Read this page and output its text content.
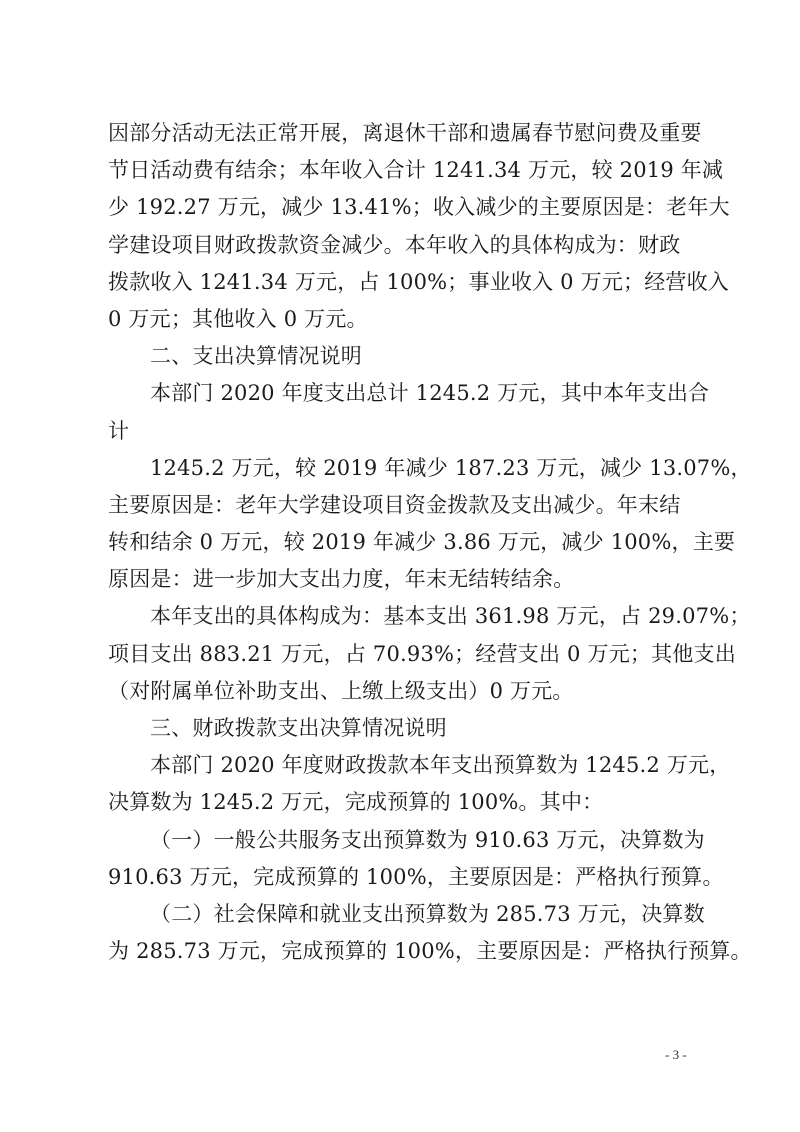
因部分活动无法正常开展，离退休干部和遗属春节慰问费及重要
节日活动费有结余；本年收入合计 1241.34 万元，较 2019 年减
少 192.27 万元，减少 13.41%；收入减少的主要原因是：老年大
学建设项目财政拨款资金减少。本年收入的具体构成为：财政
拨款收入 1241.34 万元，占 100%；事业收入 0 万元；经营收入
0 万元；其他收入 0 万元。
二、支出决算情况说明
本部门 2020 年度支出总计 1245.2 万元，其中本年支出合
计
1245.2 万元，较 2019 年减少 187.23 万元，减少 13.07%，
主要原因是：老年大学建设项目资金拨款及支出减少。年末结
转和结余 0 万元，较 2019 年减少 3.86 万元，减少 100%，主要
原因是：进一步加大支出力度，年末无结转结余。
本年支出的具体构成为：基本支出 361.98 万元，占 29.07%；
项目支出 883.21 万元，占 70.93%；经营支出 0 万元；其他支出
（对附属单位补助支出、上缴上级支出）0 万元。
三、财政拨款支出决算情况说明
本部门 2020 年度财政拨款本年支出预算数为 1245.2 万元，
决算数为 1245.2 万元，完成预算的 100%。其中：
（一）一般公共服务支出预算数为 910.63 万元，决算数为
910.63 万元，完成预算的 100%，主要原因是：严格执行预算。
（二）社会保障和就业支出预算数为 285.73 万元，决算数
为 285.73 万元，完成预算的 100%，主要原因是：严格执行预算。
- 3 -
